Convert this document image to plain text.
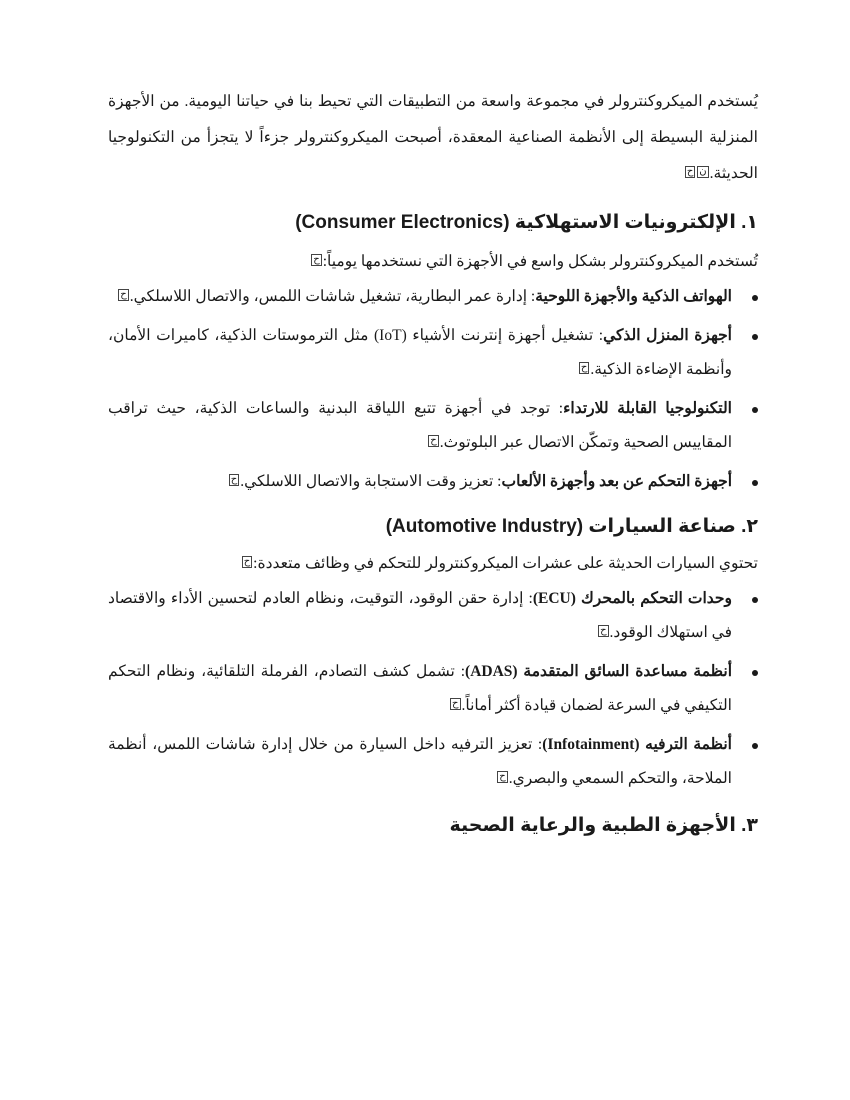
يُستخدم الميكروكنترولر في مجموعة واسعة من التطبيقات التي تحيط بنا في حياتنا اليومية. من الأجهزة المنزلية البسيطة إلى الأنظمة الصناعية المعقدة، أصبحت الميكروكنترولر جزءاً لا يتجزأ من التكنولوجيا الحديثة.نح

١. الإلكترونيات الاستهلاكية (Consumer Electronics)

تُستخدم الميكروكنترولر بشكل واسع في الأجهزة التي نستخدمها يومياً:ح

الهواتف الذكية والأجهزة اللوحية: إدارة عمر البطارية، تشغيل شاشات اللمس، والاتصال اللاسلكي.ح
أجهزة المنزل الذكي: تشغيل أجهزة إنترنت الأشياء (IoT) مثل الترموستات الذكية، كاميرات الأمان، وأنظمة الإضاءة الذكية.ح
التكنولوجيا القابلة للارتداء: توجد في أجهزة تتبع اللياقة البدنية والساعات الذكية، حيث تراقب المقاييس الصحية وتمكّن الاتصال عبر البلوتوث.ح
أجهزة التحكم عن بعد وأجهزة الألعاب: تعزيز وقت الاستجابة والاتصال اللاسلكي.ح
٢. صناعة السيارات (Automotive Industry)

تحتوي السيارات الحديثة على عشرات الميكروكنترولر للتحكم في وظائف متعددة:ح

وحدات التحكم بالمحرك (ECU): إدارة حقن الوقود، التوقيت، ونظام العادم لتحسين الأداء والاقتصاد في استهلاك الوقود.ح
أنظمة مساعدة السائق المتقدمة (ADAS): تشمل كشف التصادم، الفرملة التلقائية، ونظام التحكم التكيفي في السرعة لضمان قيادة أكثر أماناً.ح
أنظمة الترفيه (Infotainment): تعزيز الترفيه داخل السيارة من خلال إدارة شاشات اللمس، أنظمة الملاحة، والتحكم السمعي والبصري.ح
٣. الأجهزة الطبية والرعاية الصحية
